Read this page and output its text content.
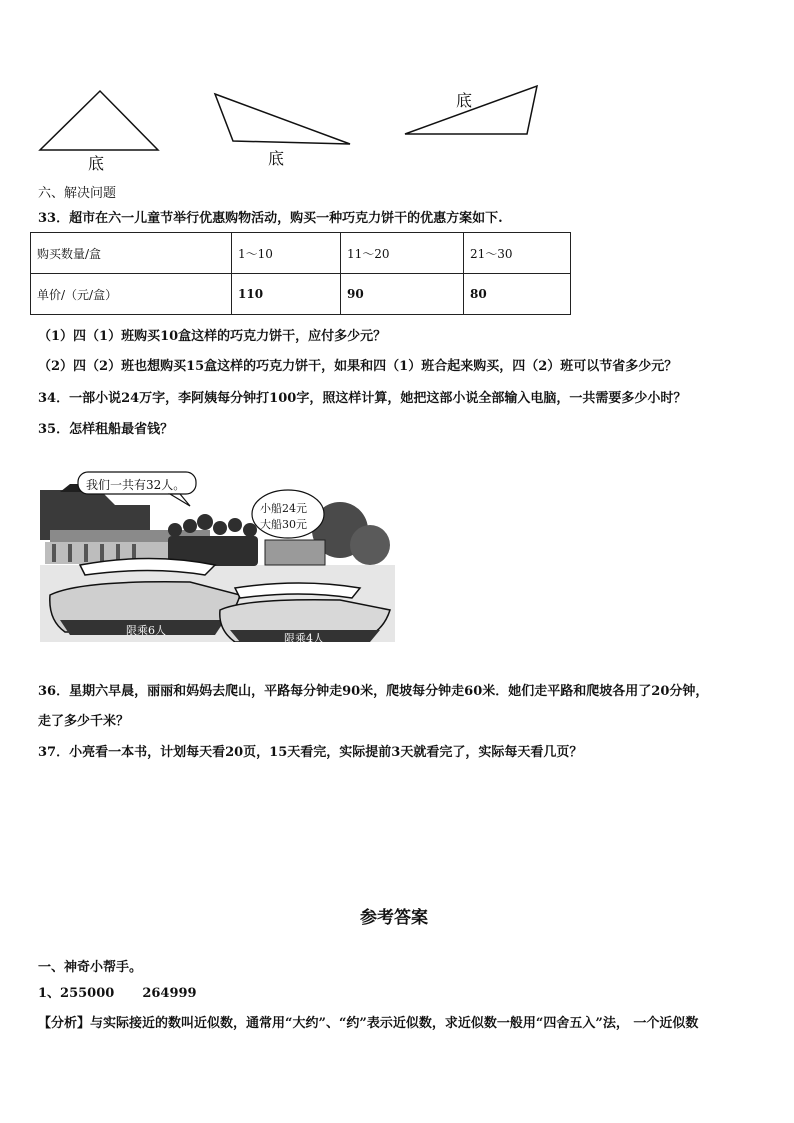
底	底
底
六、解决问题
33．超市在六一儿童节举行优惠购物活动，购买一种巧克力饼干的优惠方案如下.
购买数量/盒	1～10	11～20	21～30
单价/（元/盒）	110	90	80
（1）四（1）班购买10盒这样的巧克力饼干，应付多少元？
（2）四（2）班也想购买15盒这样的巧克力饼干，如果和四（1）班合起来购买，四（2）班可以节省多少元？
34．一部小说24万字，李阿姨每分钟打100字，照这样计算，她把这部小说全部输入电脑，一共需要多少小时？
35．怎样租船最省钱？
我们一共有32人。
小船24元
大船30元
限乘6人
限乘4人
36．星期六早晨，丽丽和妈妈去爬山，平路每分钟走90米，爬坡每分钟走60米．她们走平路和爬坡各用了20分钟，
走了多少千米？
37．小亮看一本书，计划每天看20页，15天看完，实际提前3天就看完了，实际每天看几页？
参考答案
一、神奇小帮手。
1、255000 264999
【分析】与实际接近的数叫近似数，通常用“大约”、“约”表示近似数，求近似数一般用“四舍五入”法， 一个近似数
